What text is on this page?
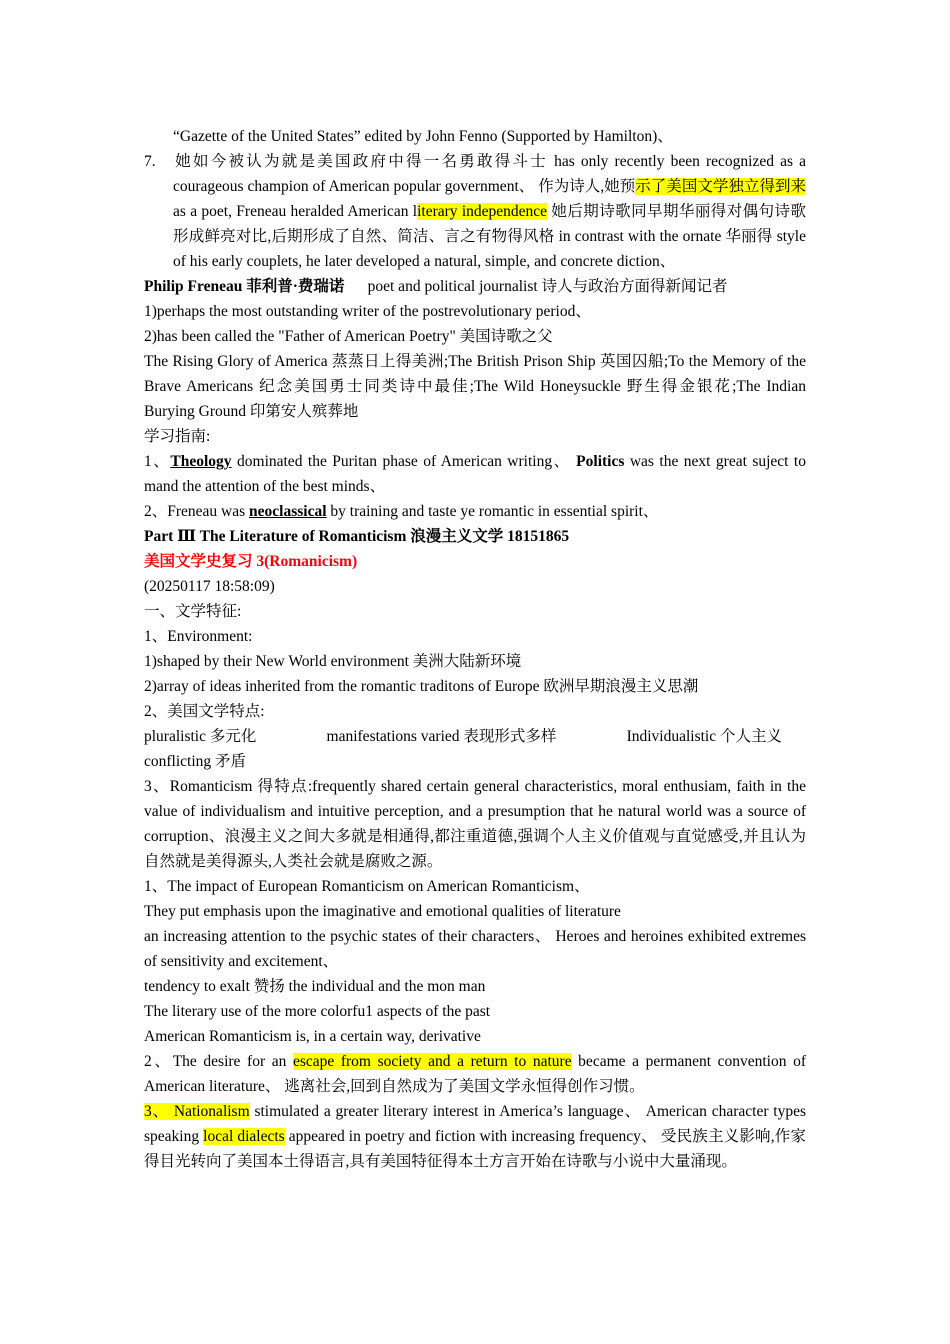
“Gazette of the United States” edited by John Fenno (Supported by Hamilton)、

7. 她如今被认为就是美国政府中得一名勇敢得斗士 has only recently been recognized as a courageous champion of American popular government、 作为诗人,她预示了美国文学独立得到来as a poet, Freneau heralded American literary independence 她后期诗歌同早期华丽得对偶句诗歌形成鲜亮对比,后期形成了自然、简洁、言之有物得风格 in contrast with the ornate 华丽得 style of his early couplets, he later developed a natural, simple, and concrete diction、

Philip Freneau 菲利普·费瑞诺      poet and political journalist 诗人与政治方面得新闻记者

1)perhaps the most outstanding writer of the postrevolutionary period、

2)has been called the "Father of American Poetry" 美国诗歌之父

The Rising Glory of America 蒸蒸日上得美洲;The British Prison Ship 英国囚船;To the Memory of the Brave Americans 纪念美国勇士同类诗中最佳;The Wild Honeysuckle 野生得金银花;The Indian Burying Ground 印第安人殡葬地

学习指南:

1、Theology dominated the Puritan phase of American writing、 Politics was the next great suject to mand the attention of the best minds、

2、Freneau was neoclassical by training and taste ye romantic in essential spirit、

Part Ⅲ The Literature of Romanticism 浪漫主义文学 18151865

美国文学史复习 3(Romanicism)

(20250117 18:58:09)

一、文学特征:

1、Environment:

1)shaped by their New World environment 美洲大陆新环境

2)array of ideas inherited from the romantic traditons of Europe 欧洲早期浪漫主义思潮

2、美国文学特点:

pluralistic 多元化	manifestations varied 表现形式多样	Individualistic 个人主义

conflicting 矛盾

3、Romanticism 得特点:frequently shared certain general characteristics, moral enthusiam, faith in the value of individualism and intuitive perception, and a presumption that he natural world was a source of corruption、浪漫主义之间大多就是相通得,都注重道德,强调个人主义价值观与直觉感受,并且认为自然就是美得源头,人类社会就是腐败之源。

1、The impact of European Romanticism on American Romanticism、

They put emphasis upon the imaginative and emotional qualities of literature

an increasing attention to the psychic states of their characters、 Heroes and heroines exhibited extremes of sensitivity and excitement、

tendency to exalt 赞扬 the individual and the mon man

The literary use of the more colorfu1 aspects of the past

American Romanticism is, in a certain way, derivative

2、The desire for an escape from society and a return to nature became a permanent convention of American literature、 逃离社会,回到自然成为了美国文学永恒得创作习惯。

3、 Nationalism stimulated a greater literary interest in America’s language、 American character types speaking local dialects appeared in poetry and fiction with increasing frequency、 受民族主义影响,作家得目光转向了美国本土得语言,具有美国特征得本土方言开始在诗歌与小说中大量涌现。
